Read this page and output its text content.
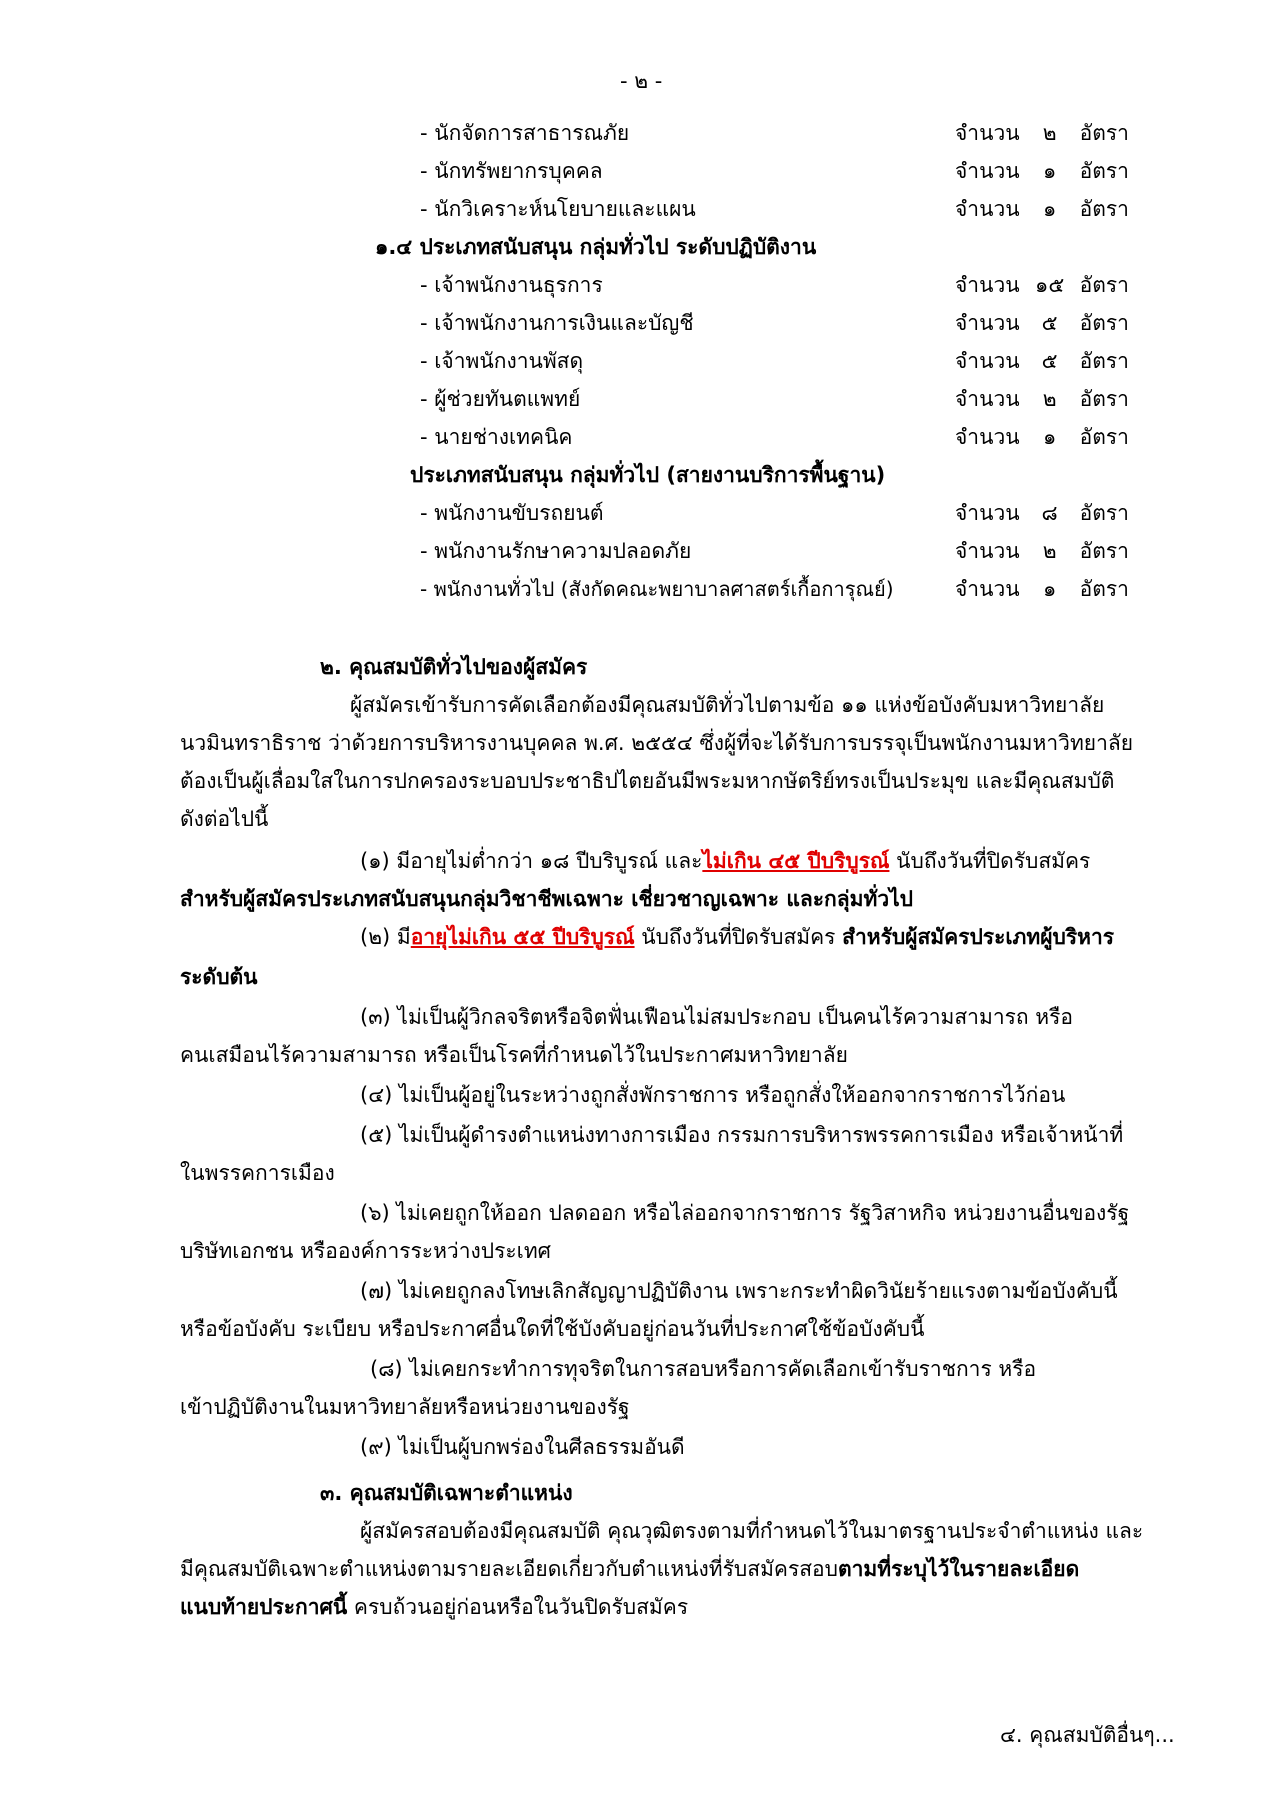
- ๒ -
- นักจัดการสาธารณภัย	จำนวน ๒ อัตรา
- นักทรัพยากรบุคคล	จำนวน ๑ อัตรา
- นักวิเคราะห์นโยบายและแผน	จำนวน ๑ อัตรา
๑.๔ ประเภทสนับสนุน กลุ่มทั่วไป ระดับปฏิบัติงาน
- เจ้าพนักงานธุรการ	จำนวน ๑๕ อัตรา
- เจ้าพนักงานการเงินและบัญชี	จำนวน ๕ อัตรา
- เจ้าพนักงานพัสดุ	จำนวน ๕ อัตรา
- ผู้ช่วยทันตแพทย์	จำนวน ๒ อัตรา
- นายช่างเทคนิค	จำนวน ๑ อัตรา
ประเภทสนับสนุน กลุ่มทั่วไป (สายงานบริการพื้นฐาน)
- พนักงานขับรถยนต์	จำนวน ๘ อัตรา
- พนักงานรักษาความปลอดภัย	จำนวน ๒ อัตรา
- พนักงานทั่วไป (สังกัดคณะพยาบาลศาสตร์เกื้อการุณย์)	จำนวน ๑ อัตรา
๒. คุณสมบัติทั่วไปของผู้สมัคร
ผู้สมัครเข้ารับการคัดเลือกต้องมีคุณสมบัติทั่วไปตามข้อ ๑๑ แห่งข้อบังคับมหาวิทยาลัย
นวมินทราธิราช ว่าด้วยการบริหารงานบุคคล พ.ศ. ๒๕๕๔ ซึ่งผู้ที่จะได้รับการบรรจุเป็นพนักงานมหาวิทยาลัย
ต้องเป็นผู้เลื่อมใสในการปกครองระบอบประชาธิปไตยอันมีพระมหากษัตริย์ทรงเป็นประมุข และมีคุณสมบัติ
ดังต่อไปนี้
(๑) มีอายุไม่ต่ำกว่า ๑๘ ปีบริบูรณ์ และไม่เกิน ๔๕ ปีบริบูรณ์ นับถึงวันที่ปิดรับสมัคร
สำหรับผู้สมัครประเภทสนับสนุนกลุ่มวิชาชีพเฉพาะ เชี่ยวชาญเฉพาะ และกลุ่มทั่วไป
(๒) มีอายุไม่เกิน ๕๕ ปีบริบูรณ์ นับถึงวันที่ปิดรับสมัคร สำหรับผู้สมัครประเภทผู้บริหาร
ระดับต้น
(๓) ไม่เป็นผู้วิกลจริตหรือจิตฟั่นเฟือนไม่สมประกอบ เป็นคนไร้ความสามารถ หรือ
คนเสมือนไร้ความสามารถ หรือเป็นโรคที่กำหนดไว้ในประกาศมหาวิทยาลัย
(๔) ไม่เป็นผู้อยู่ในระหว่างถูกสั่งพักราชการ หรือถูกสั่งให้ออกจากราชการไว้ก่อน
(๕) ไม่เป็นผู้ดำรงตำแหน่งทางการเมือง กรรมการบริหารพรรคการเมือง หรือเจ้าหน้าที่
ในพรรคการเมือง
(๖) ไม่เคยถูกให้ออก ปลดออก หรือไล่ออกจากราชการ รัฐวิสาหกิจ หน่วยงานอื่นของรัฐ
บริษัทเอกชน หรือองค์การระหว่างประเทศ
(๗) ไม่เคยถูกลงโทษเลิกสัญญาปฏิบัติงาน เพราะกระทำผิดวินัยร้ายแรงตามข้อบังคับนี้
หรือข้อบังคับ ระเบียบ หรือประกาศอื่นใดที่ใช้บังคับอยู่ก่อนวันที่ประกาศใช้ข้อบังคับนี้
(๘) ไม่เคยกระทำการทุจริตในการสอบหรือการคัดเลือกเข้ารับราชการ หรือ
เข้าปฏิบัติงานในมหาวิทยาลัยหรือหน่วยงานของรัฐ
(๙) ไม่เป็นผู้บกพร่องในศีลธรรมอันดี
๓. คุณสมบัติเฉพาะตำแหน่ง
ผู้สมัครสอบต้องมีคุณสมบัติ คุณวุฒิตรงตามที่กำหนดไว้ในมาตรฐานประจำตำแหน่ง และ
มีคุณสมบัติเฉพาะตำแหน่งตามรายละเอียดเกี่ยวกับตำแหน่งที่รับสมัครสอบตามที่ระบุไว้ในรายละเอียด
แนบท้ายประกาศนี้ ครบถ้วนอยู่ก่อนหรือในวันปิดรับสมัคร
๔. คุณสมบัติอื่นๆ...
